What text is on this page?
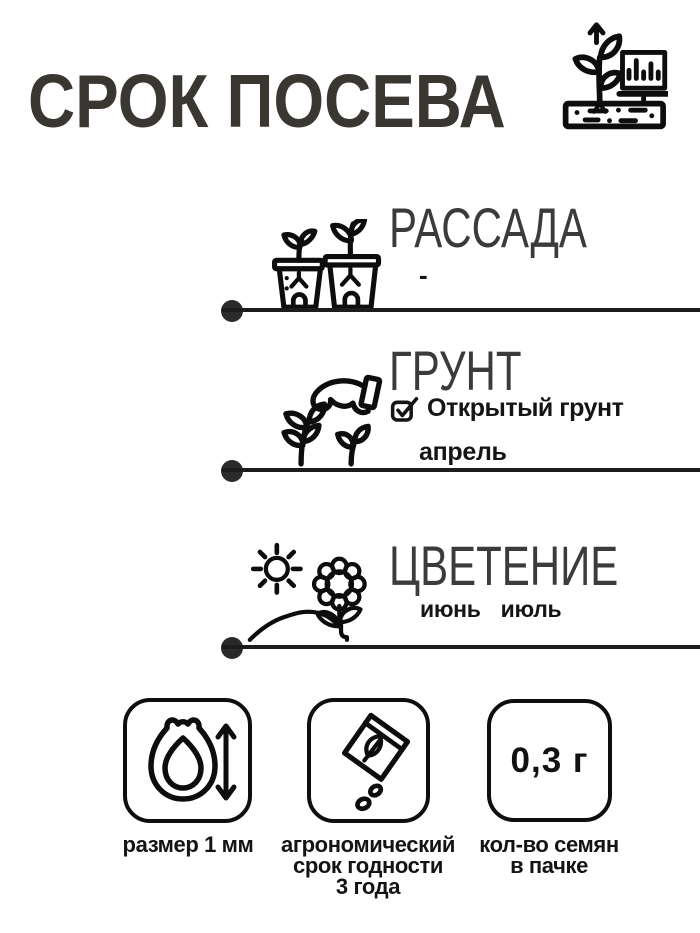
СРОК ПОСЕВА
РАССАДА
-
ГРУНТ
Открытый грунт
апрель
ЦВЕТЕНИЕ
июнь июль
0,3 г
размер 1 мм	агрономический
срок годности
3 года
кол-во семян
в пачке
